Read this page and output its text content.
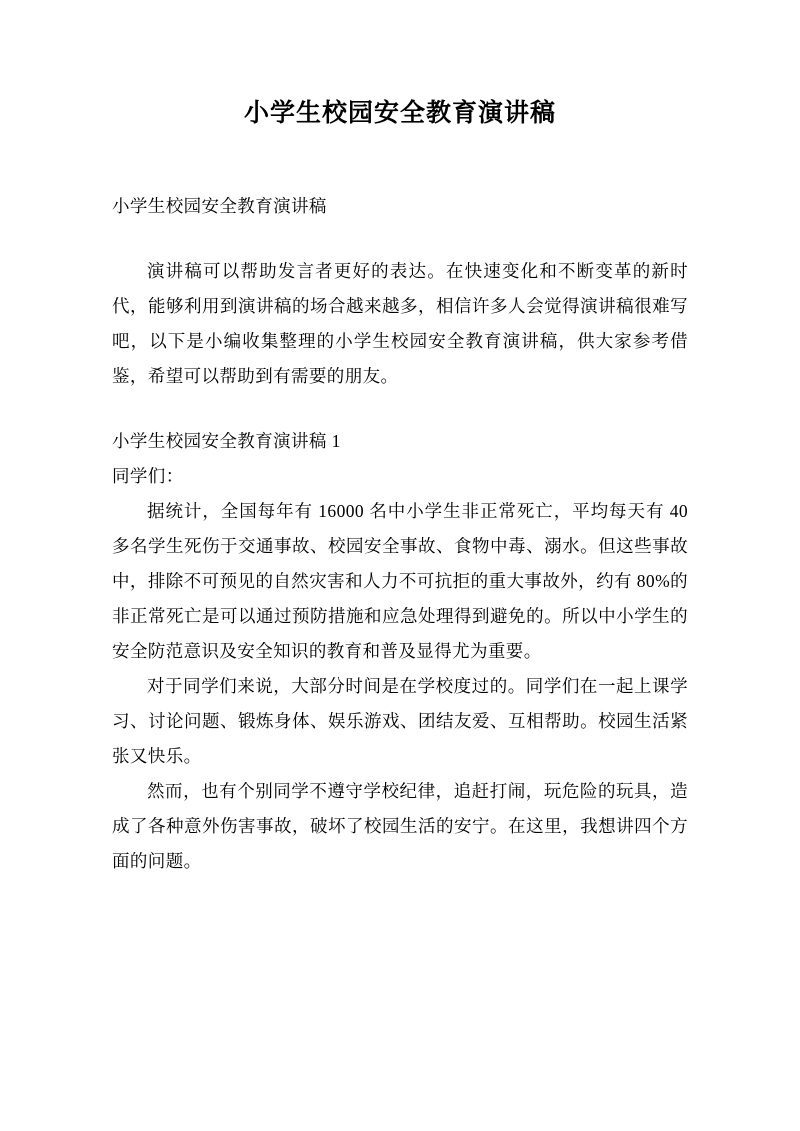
小学生校园安全教育演讲稿

小学生校园安全教育演讲稿

演讲稿可以帮助发言者更好的表达。在快速变化和不断变革的新时代，能够利用到演讲稿的场合越来越多，相信许多人会觉得演讲稿很难写吧，以下是小编收集整理的小学生校园安全教育演讲稿，供大家参考借鉴，希望可以帮助到有需要的朋友。

小学生校园安全教育演讲稿 1

同学们：

据统计，全国每年有 16000 名中小学生非正常死亡，平均每天有 40 多名学生死伤于交通事故、校园安全事故、食物中毒、溺水。但这些事故中，排除不可预见的自然灾害和人力不可抗拒的重大事故外，约有 80%的非正常死亡是可以通过预防措施和应急处理得到避免的。所以中小学生的安全防范意识及安全知识的教育和普及显得尤为重要。

对于同学们来说，大部分时间是在学校度过的。同学们在一起上课学习、讨论问题、锻炼身体、娱乐游戏、团结友爱、互相帮助。校园生活紧张又快乐。

然而，也有个别同学不遵守学校纪律，追赶打闹，玩危险的玩具，造成了各种意外伤害事故，破坏了校园生活的安宁。在这里，我想讲四个方面的问题。
